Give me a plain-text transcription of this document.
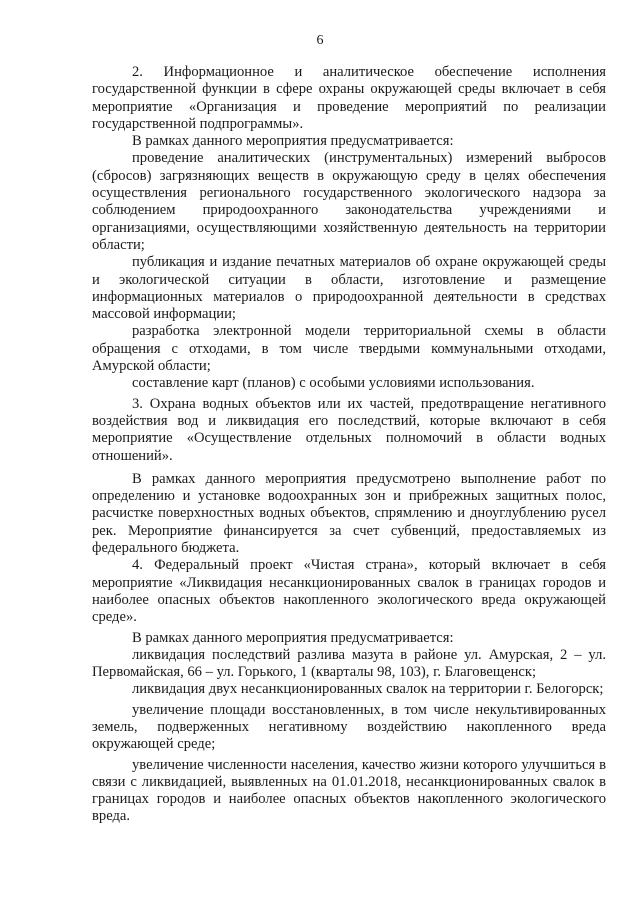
6

2. Информационное и аналитическое обеспечение исполнения государственной функции в сфере охраны окружающей среды включает в себя мероприятие «Организация и проведение мероприятий по реализации государственной подпрограммы».

В рамках данного мероприятия предусматривается:

проведение аналитических (инструментальных) измерений выбросов (сбросов) загрязняющих веществ в окружающую среду в целях обеспечения осуществления регионального государственного экологического надзора за соблюдением природоохранного законодательства учреждениями и организациями, осуществляющими хозяйственную деятельность на территории области;

публикация и издание печатных материалов об охране окружающей среды и экологической ситуации в области, изготовление и размещение информационных материалов о природоохранной деятельности в средствах массовой информации;

разработка электронной модели территориальной схемы в области обращения с отходами, в том числе твердыми коммунальными отходами, Амурской области;

составление карт (планов) с особыми условиями использования.

3. Охрана водных объектов или их частей, предотвращение негативного воздействия вод и ликвидация его последствий, которые включают в себя мероприятие «Осуществление отдельных полномочий в области водных отношений».

В рамках данного мероприятия предусмотрено выполнение работ по определению и установке водоохранных зон и прибрежных защитных полос, расчистке поверхностных водных объектов, спрямлению и дноуглублению русел рек. Мероприятие финансируется за счет субвенций, предоставляемых из федерального бюджета.

4. Федеральный проект «Чистая страна», который включает в себя мероприятие «Ликвидация несанкционированных свалок в границах городов и наиболее опасных объектов накопленного экологического вреда окружающей среде».

В рамках данного мероприятия предусматривается:

ликвидация последствий разлива мазута в районе ул. Амурская, 2 – ул. Первомайская, 66 – ул. Горького, 1 (кварталы 98, 103), г. Благовещенск;

ликвидация двух несанкционированных свалок на территории г. Белогорск;

увеличение площади восстановленных, в том числе некультивированных земель, подверженных негативному воздействию накопленного вреда окружающей среде;

увеличение численности населения, качество жизни которого улучшиться в связи с ликвидацией, выявленных на 01.01.2018, несанкционированных свалок в границах городов и наиболее опасных объектов накопленного экологического вреда.
